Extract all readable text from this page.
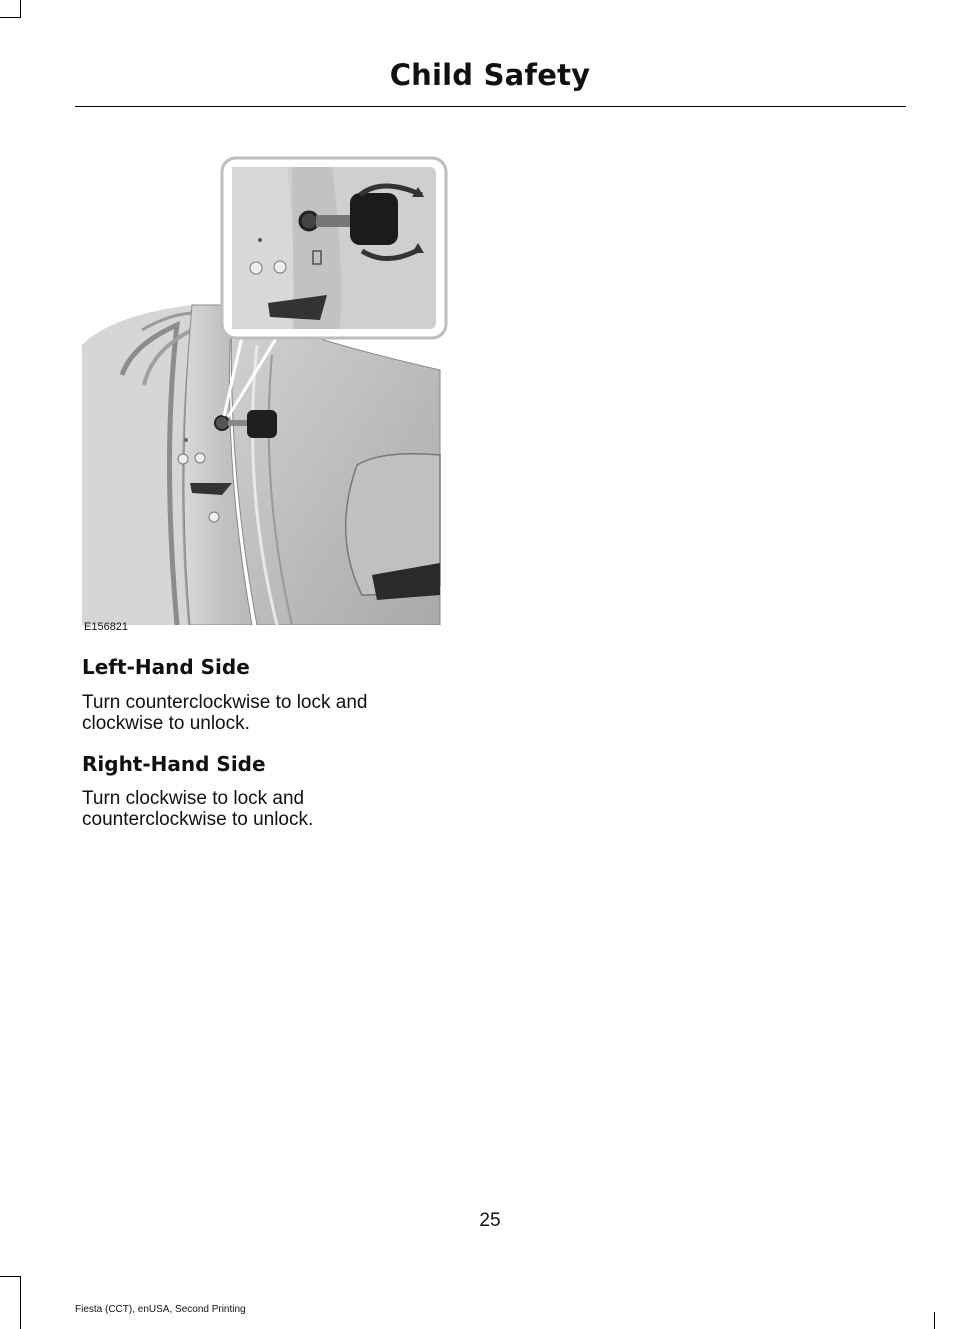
Child Safety
E156821
Left-Hand Side
Turn counterclockwise to lock and clockwise to unlock.
Right-Hand Side
Turn clockwise to lock and counterclockwise to unlock.
25
Fiesta (CCT), enUSA, Second Printing
